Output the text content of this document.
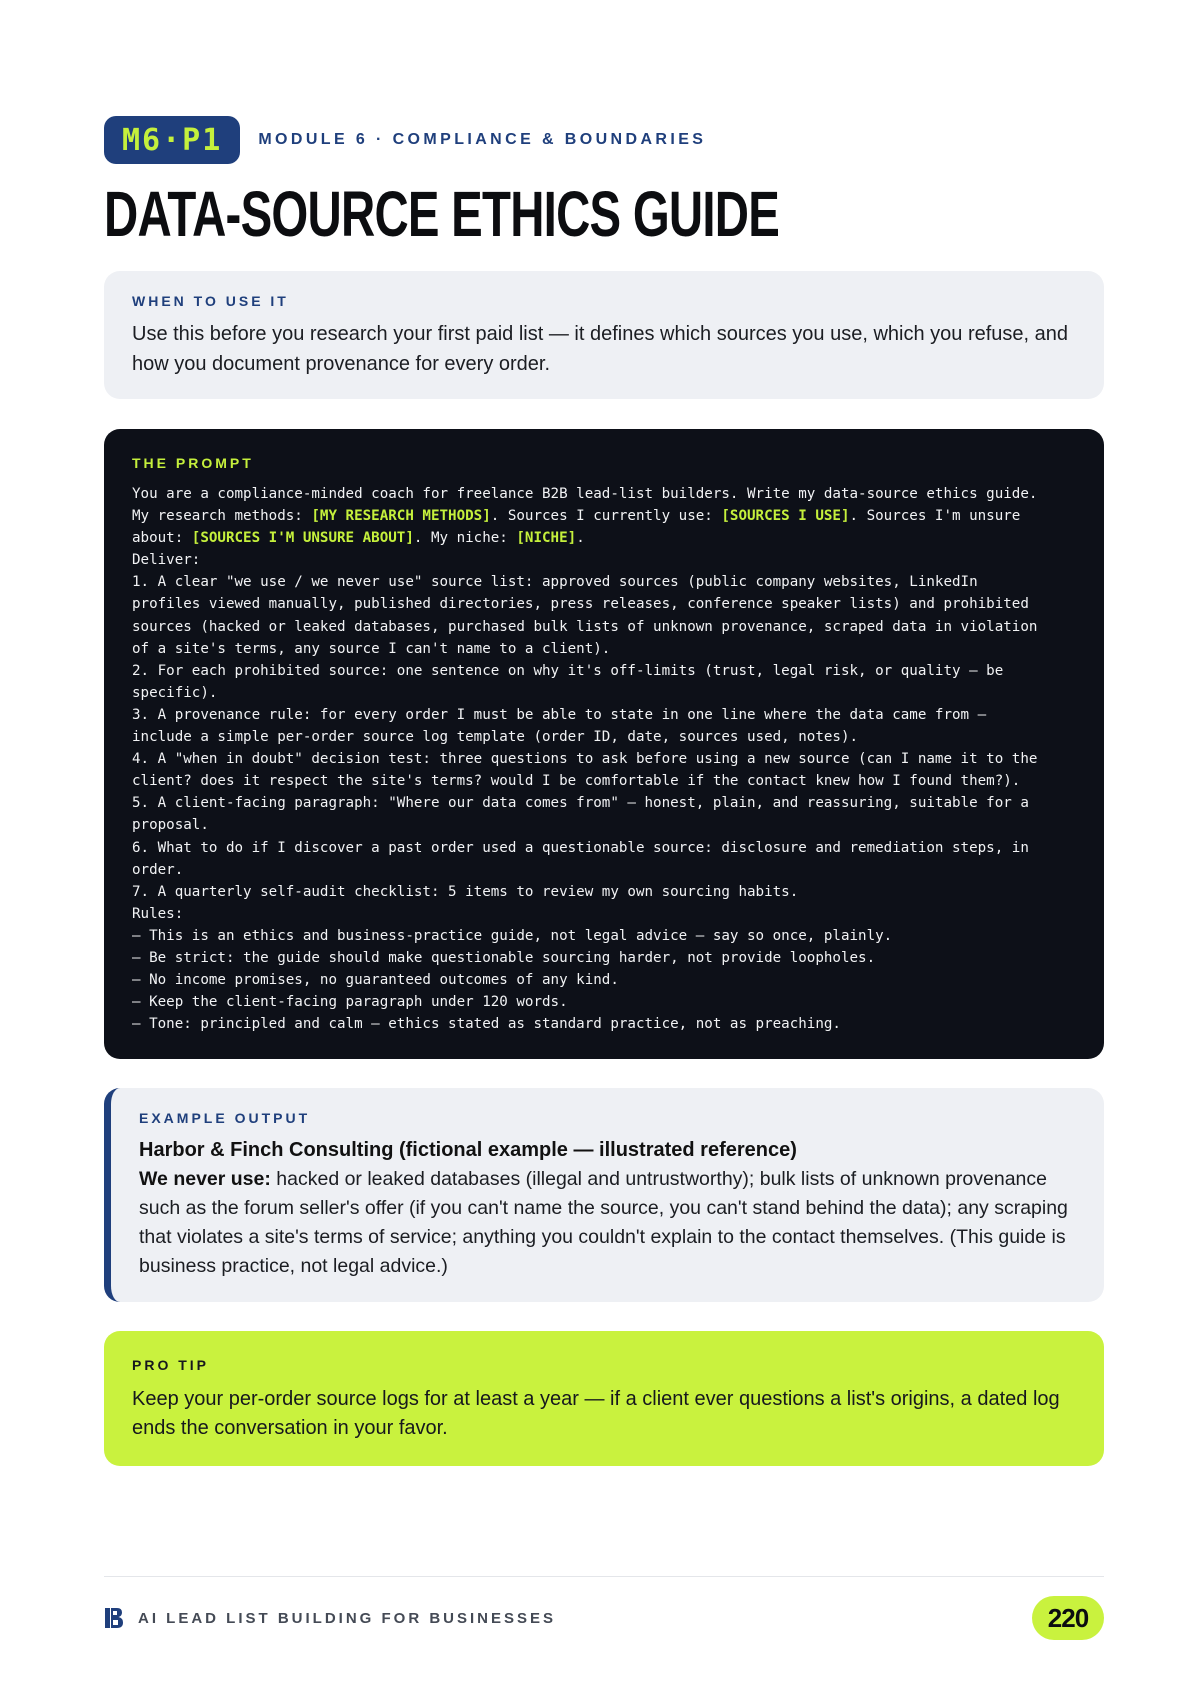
M6·P1	MODULE 6 · COMPLIANCE & BOUNDARIES
DATA-SOURCE ETHICS GUIDE
WHEN TO USE IT

Use this before you research your first paid list — it defines which sources you use, which you refuse, and how you document provenance for every order.

THE PROMPT
You are a compliance-minded coach for freelance B2B lead-list builders. Write my data-source ethics guide.
My research methods: [MY RESEARCH METHODS]. Sources I currently use: [SOURCES I USE]. Sources I'm unsure
about: [SOURCES I'M UNSURE ABOUT]. My niche: [NICHE].
Deliver:
1. A clear "we use / we never use" source list: approved sources (public company websites, LinkedIn
profiles viewed manually, published directories, press releases, conference speaker lists) and prohibited
sources (hacked or leaked databases, purchased bulk lists of unknown provenance, scraped data in violation
of a site's terms, any source I can't name to a client).
2. For each prohibited source: one sentence on why it's off-limits (trust, legal risk, or quality — be
specific).
3. A provenance rule: for every order I must be able to state in one line where the data came from —
include a simple per-order source log template (order ID, date, sources used, notes).
4. A "when in doubt" decision test: three questions to ask before using a new source (can I name it to the
client? does it respect the site's terms? would I be comfortable if the contact knew how I found them?).
5. A client-facing paragraph: "Where our data comes from" — honest, plain, and reassuring, suitable for a
proposal.
6. What to do if I discover a past order used a questionable source: disclosure and remediation steps, in
order.
7. A quarterly self-audit checklist: 5 items to review my own sourcing habits.
Rules:
– This is an ethics and business-practice guide, not legal advice — say so once, plainly.
– Be strict: the guide should make questionable sourcing harder, not provide loopholes.
– No income promises, no guaranteed outcomes of any kind.
– Keep the client-facing paragraph under 120 words.
– Tone: principled and calm — ethics stated as standard practice, not as preaching.
EXAMPLE OUTPUT

Harbor & Finch Consulting (fictional example — illustrated reference)

We never use: hacked or leaked databases (illegal and untrustworthy); bulk lists of unknown provenance such as the forum seller's offer (if you can't name the source, you can't stand behind the data); any scraping that violates a site's terms of service; anything you couldn't explain to the contact themselves. (This guide is business practice, not legal advice.)

PRO TIP

Keep your per-order source logs for at least a year — if a client ever questions a list's origins, a dated log ends the conversation in your favor.

AI LEAD LIST BUILDING FOR BUSINESSES	220
